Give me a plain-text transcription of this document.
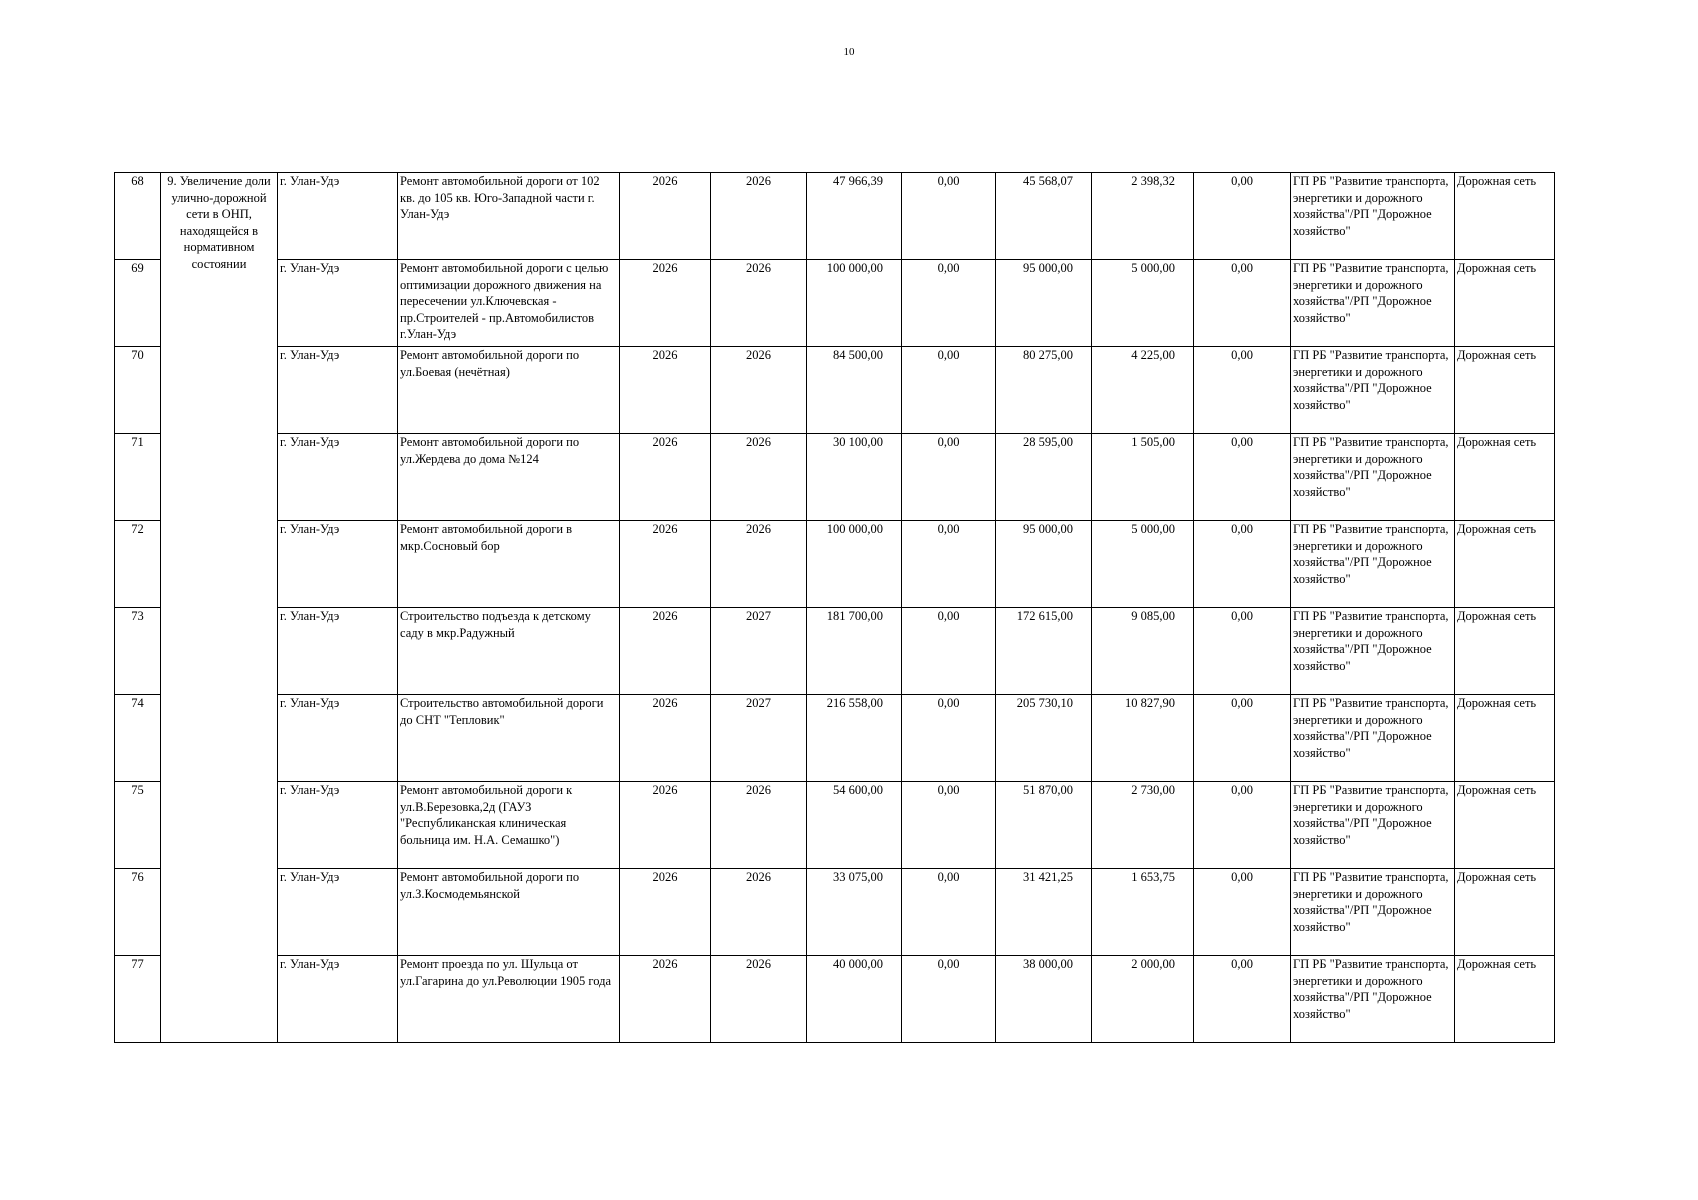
10
68	9. Увеличение доли улично-дорожной сети в ОНП, находящейся в нормативном состоянии	г. Улан-Удэ	Ремонт автомобильной дороги от 102 кв. до 105 кв. Юго-Западной части г. Улан-Удэ	2026	2026	47 966,39	0,00	45 568,07	2 398,32	0,00	ГП РБ "Развитие транспорта, энергетики и дорожного хозяйства"/РП "Дорожное хозяйство"	Дорожная сеть
69		г. Улан-Удэ	Ремонт автомобильной дороги с целью оптимизации дорожного движения на пересечении ул.Ключевская - пр.Строителей - пр.Автомобилистов г.Улан-Удэ	2026	2026	100 000,00	0,00	95 000,00	5 000,00	0,00	ГП РБ "Развитие транспорта, энергетики и дорожного хозяйства"/РП "Дорожное хозяйство"	Дорожная сеть
70		г. Улан-Удэ	Ремонт автомобильной дороги по ул.Боевая (нечётная)	2026	2026	84 500,00	0,00	80 275,00	4 225,00	0,00	ГП РБ "Развитие транспорта, энергетики и дорожного хозяйства"/РП "Дорожное хозяйство"	Дорожная сеть
71		г. Улан-Удэ	Ремонт автомобильной дороги по ул.Жердева до дома №124	2026	2026	30 100,00	0,00	28 595,00	1 505,00	0,00	ГП РБ "Развитие транспорта, энергетики и дорожного хозяйства"/РП "Дорожное хозяйство"	Дорожная сеть
72		г. Улан-Удэ	Ремонт автомобильной дороги в мкр.Сосновый бор	2026	2026	100 000,00	0,00	95 000,00	5 000,00	0,00	ГП РБ "Развитие транспорта, энергетики и дорожного хозяйства"/РП "Дорожное хозяйство"	Дорожная сеть
73		г. Улан-Удэ	Строительство подъезда к детскому саду в мкр.Радужный	2026	2027	181 700,00	0,00	172 615,00	9 085,00	0,00	ГП РБ "Развитие транспорта, энергетики и дорожного хозяйства"/РП "Дорожное хозяйство"	Дорожная сеть
74		г. Улан-Удэ	Строительство автомобильной дороги до СНТ "Тепловик"	2026	2027	216 558,00	0,00	205 730,10	10 827,90	0,00	ГП РБ "Развитие транспорта, энергетики и дорожного хозяйства"/РП "Дорожное хозяйство"	Дорожная сеть
75		г. Улан-Удэ	Ремонт автомобильной дороги к ул.В.Березовка,2д (ГАУЗ "Республиканская клиническая больница им. Н.А. Семашко")	2026	2026	54 600,00	0,00	51 870,00	2 730,00	0,00	ГП РБ "Развитие транспорта, энергетики и дорожного хозяйства"/РП "Дорожное хозяйство"	Дорожная сеть
76		г. Улан-Удэ	Ремонт автомобильной дороги по ул.З.Космодемьянской	2026	2026	33 075,00	0,00	31 421,25	1 653,75	0,00	ГП РБ "Развитие транспорта, энергетики и дорожного хозяйства"/РП "Дорожное хозяйство"	Дорожная сеть
77		г. Улан-Удэ	Ремонт проезда по ул. Шульца от ул.Гагарина до ул.Революции 1905 года	2026	2026	40 000,00	0,00	38 000,00	2 000,00	0,00	ГП РБ "Развитие транспорта, энергетики и дорожного хозяйства"/РП "Дорожное хозяйство"	Дорожная сеть
